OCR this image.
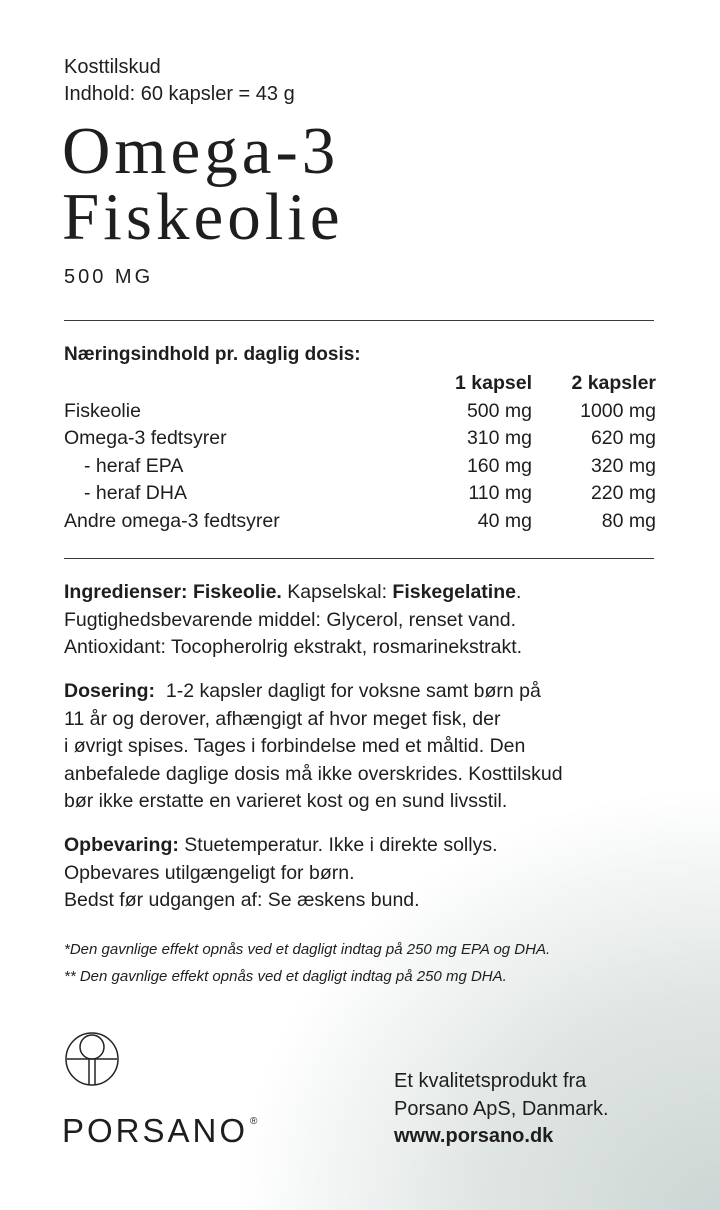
Kosttilskud
Indhold: 60 kapsler = 43 g
Omega-3
Fiskeolie
500 MG
Næringsindhold pr. daglig dosis:
	1 kapsel	2 kapsler
Fiskeolie	500 mg	1000 mg
Omega-3 fedtsyrer	310 mg	620 mg
- heraf EPA	160 mg	320 mg
- heraf DHA	110 mg	220 mg
Andre omega-3 fedtsyrer	40 mg	80 mg
Ingredienser: Fiskeolie. Kapselskal: Fiskegelatine.
Fugtighedsbevarende middel: Glycerol, renset vand.
Antioxidant: Tocopherolrig ekstrakt, rosmarinekstrakt.
Dosering: 1-2 kapsler dagligt for voksne samt børn på
11 år og derover, afhængigt af hvor meget fisk, der
i øvrigt spises. Tages i forbindelse med et måltid. Den
anbefalede daglige dosis må ikke overskrides. Kosttilskud
bør ikke erstatte en varieret kost og en sund livsstil.
Opbevaring: Stuetemperatur. Ikke i direkte sollys.
Opbevares utilgængeligt for børn.
Bedst før udgangen af: Se æskens bund.
*Den gavnlige effekt opnås ved et dagligt indtag på 250 mg EPA og DHA.
** Den gavnlige effekt opnås ved et dagligt indtag på 250 mg DHA.
PORSANO ®
Et kvalitetsprodukt fra
Porsano ApS, Danmark.
www.porsano.dk
